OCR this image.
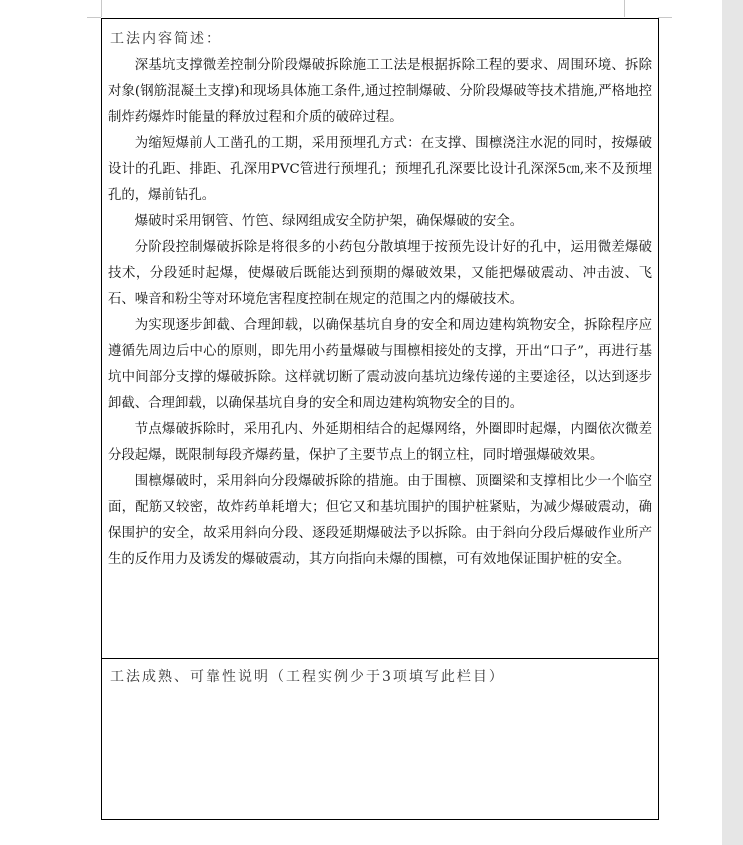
工法内容简述：

深基坑支撑微差控制分阶段爆破拆除施工工法是根据拆除工程的要求、周围环境、拆除对象(钢筋混凝土支撑)和现场具体施工条件,通过控制爆破、分阶段爆破等技术措施,严格地控制炸药爆炸时能量的释放过程和介质的破碎过程。

为缩短爆前人工凿孔的工期，采用预埋孔方式：在支撑、围檩浇注水泥的同时，按爆破设计的孔距、排距、孔深用PVC管进行预埋孔；预埋孔孔深要比设计孔深深5㎝,来不及预埋孔的，爆前钻孔。

爆破时采用钢管、竹笆、绿网组成安全防护架，确保爆破的安全。

分阶段控制爆破拆除是将很多的小药包分散填埋于按预先设计好的孔中，运用微差爆破技术，分段延时起爆，使爆破后既能达到预期的爆破效果，又能把爆破震动、冲击波、飞石、噪音和粉尘等对环境危害程度控制在规定的范围之内的爆破技术。

为实现逐步卸截、合理卸载，以确保基坑自身的安全和周边建构筑物安全，拆除程序应遵循先周边后中心的原则，即先用小药量爆破与围檩相接处的支撑，开出“口子”，再进行基坑中间部分支撑的爆破拆除。这样就切断了震动波向基坑边缘传递的主要途径，以达到逐步卸截、合理卸载，以确保基坑自身的安全和周边建构筑物安全的目的。

节点爆破拆除时，采用孔内、外延期相结合的起爆网络，外圈即时起爆，内圈依次微差分段起爆，既限制每段齐爆药量，保护了主要节点上的钢立柱，同时增强爆破效果。

围檩爆破时，采用斜向分段爆破拆除的措施。由于围檩、顶圈梁和支撑相比少一个临空面，配筋又较密，故炸药单耗增大；但它又和基坑围护的围护桩紧贴，为减少爆破震动，确保围护的安全，故采用斜向分段、逐段延期爆破法予以拆除。由于斜向分段后爆破作业所产生的反作用力及诱发的爆破震动，其方向指向未爆的围檩，可有效地保证围护桩的安全。

工法成熟、可靠性说明（工程实例少于3项填写此栏目）
